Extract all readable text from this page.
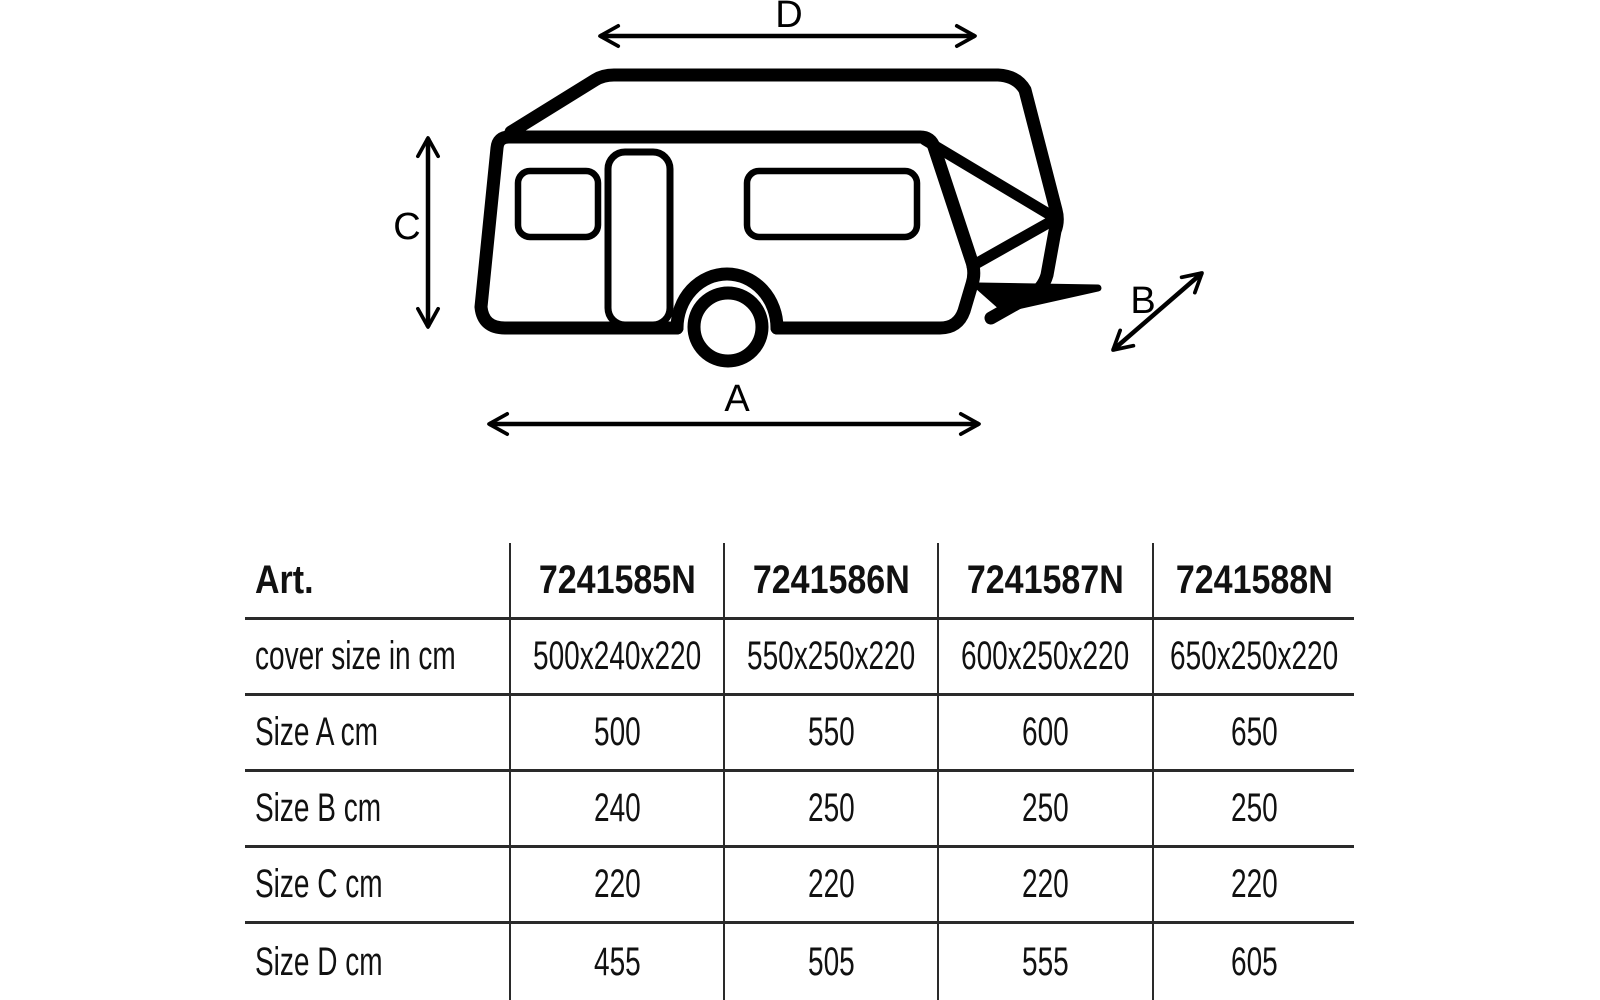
D
C
B
A
Art.	7241585N 7241586N 7241587N 7241588N
cover size in cm 500x240x220 550x250x220 600x250x220 650x250x220
Size A cm	500	550	600	650
Size B cm	240	250	250	250
Size C cm	220	220	220	220
Size D cm	455	505	555	605
